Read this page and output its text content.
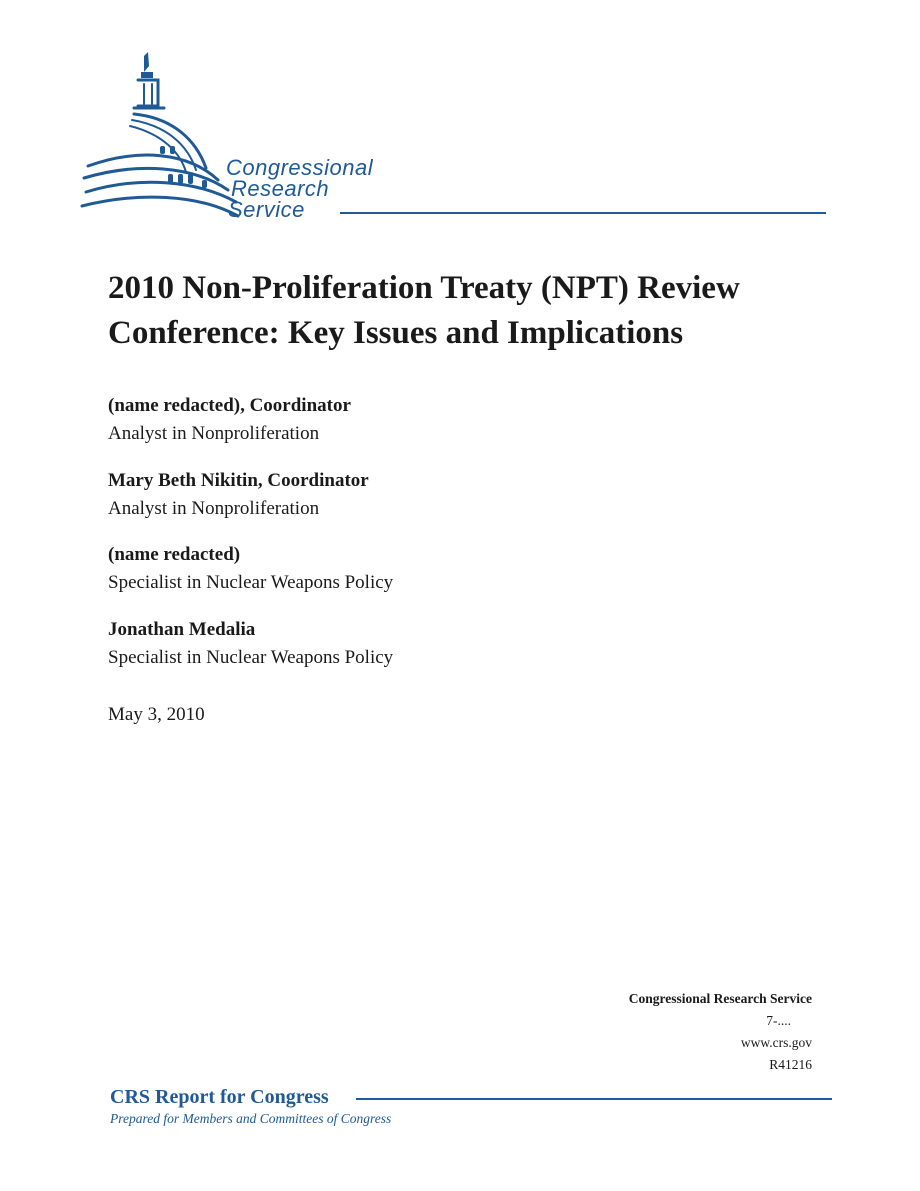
Congressional
Research
Service
2010 Non-Proliferation Treaty (NPT) Review Conference: Key Issues and Implications
(name redacted), Coordinator
Analyst in Nonproliferation
Mary Beth Nikitin, Coordinator
Analyst in Nonproliferation
(name redacted)
Specialist in Nuclear Weapons Policy
Jonathan Medalia
Specialist in Nuclear Weapons Policy
May 3, 2010
Congressional Research Service
7-....
www.crs.gov
R41216
CRS Report for Congress
Prepared for Members and Committees of Congress
